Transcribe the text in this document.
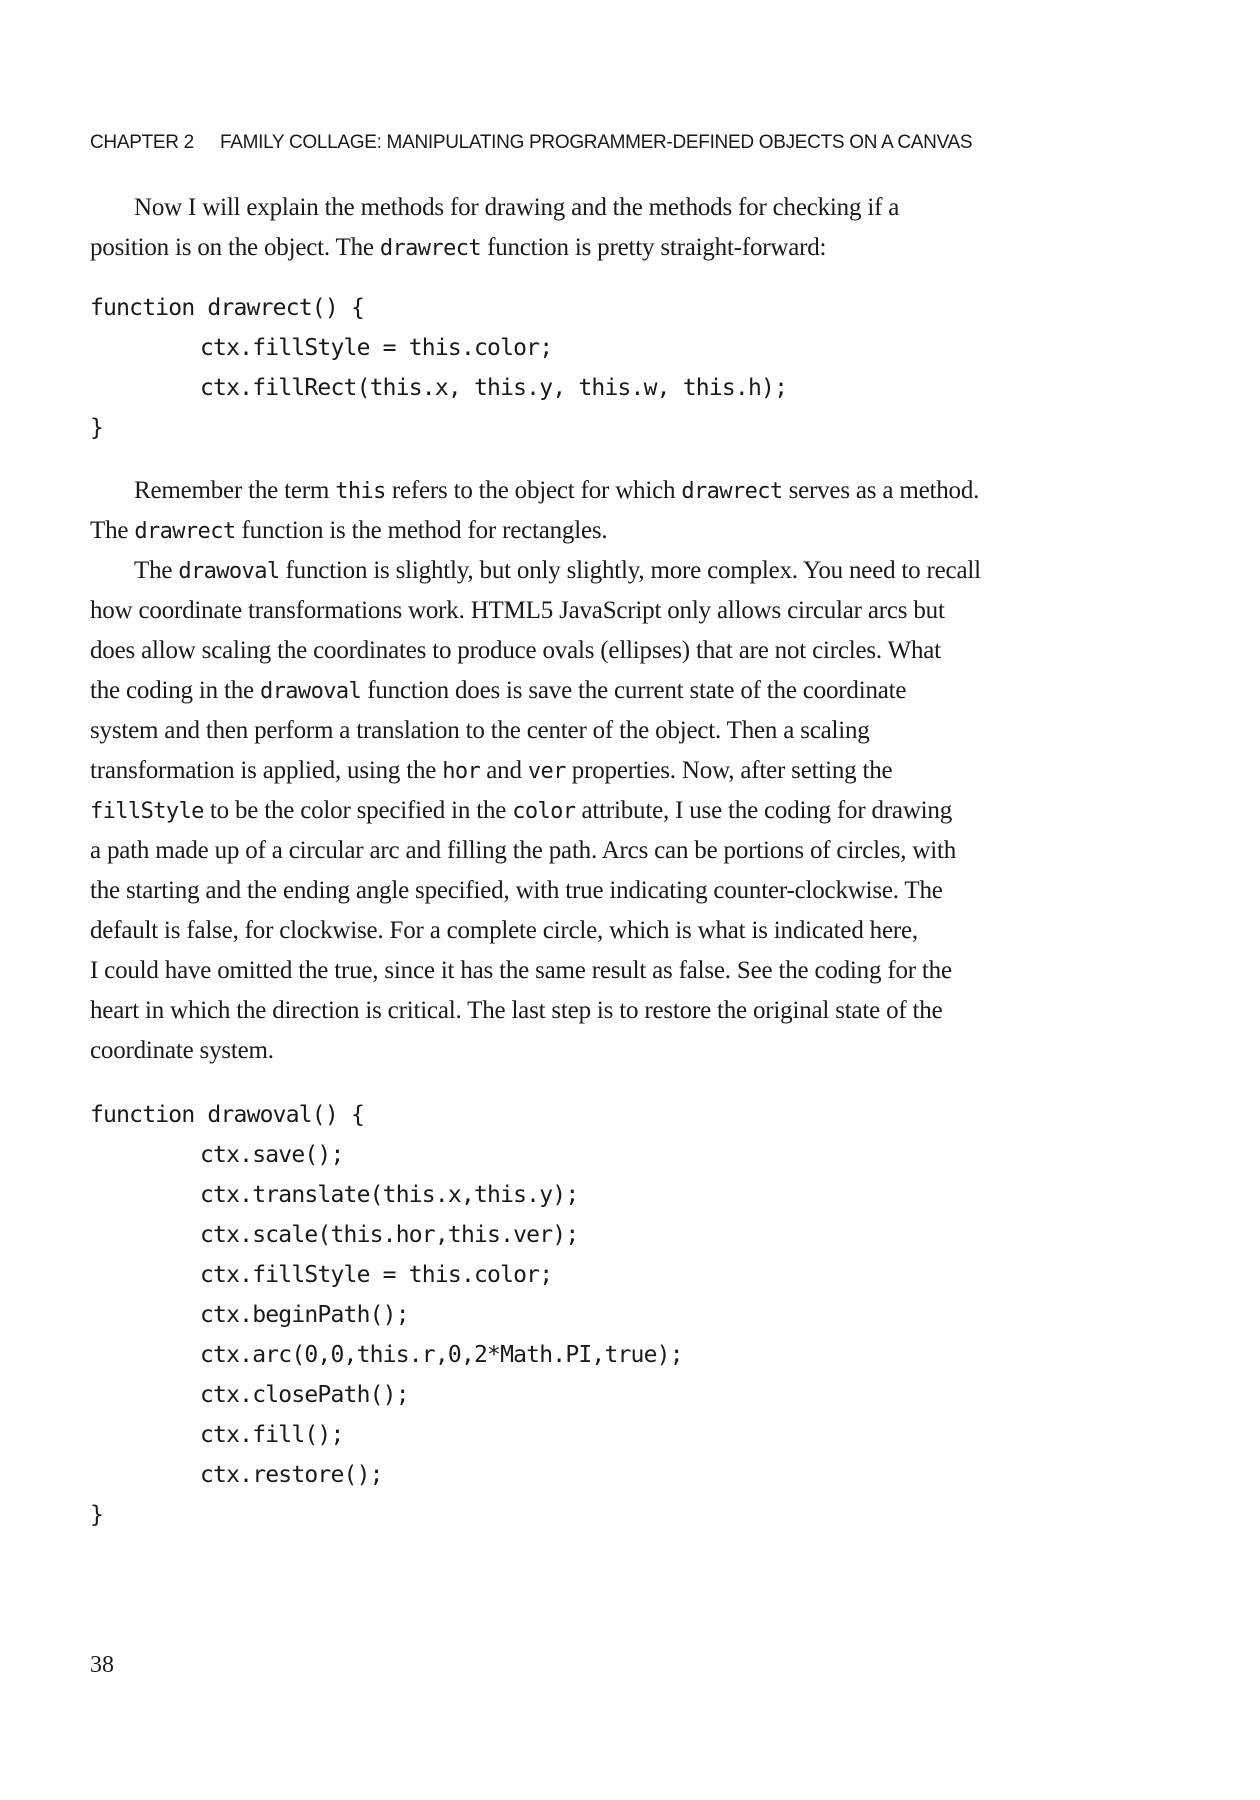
CHAPTER 2 FAMILY COLLAGE: MANIPULATING PROGRAMMER-DEFINED OBJECTS ON A CANVAS
Now I will explain the methods for drawing and the methods for checking if a
position is on the object. The drawrect function is pretty straight-forward:
function drawrect() {
ctx.fillStyle = this.color;
ctx.fillRect(this.x, this.y, this.w, this.h);
}
Remember the term this refers to the object for which drawrect serves as a method.
The drawrect function is the method for rectangles.
The drawoval function is slightly, but only slightly, more complex. You need to recall
how coordinate transformations work. HTML5 JavaScript only allows circular arcs but
does allow scaling the coordinates to produce ovals (ellipses) that are not circles. What
the coding in the drawoval function does is save the current state of the coordinate
system and then perform a translation to the center of the object. Then a scaling
transformation is applied, using the hor and ver properties. Now, after setting the
fillStyle to be the color specified in the color attribute, I use the coding for drawing
a path made up of a circular arc and filling the path. Arcs can be portions of circles, with
the starting and the ending angle specified, with true indicating counter-clockwise. The
default is false, for clockwise. For a complete circle, which is what is indicated here,
I could have omitted the true, since it has the same result as false. See the coding for the
heart in which the direction is critical. The last step is to restore the original state of the
coordinate system.
function drawoval() {
ctx.save();
ctx.translate(this.x,this.y);
ctx.scale(this.hor,this.ver);
ctx.fillStyle = this.color;
ctx.beginPath();
ctx.arc(0,0,this.r,0,2*Math.PI,true);
ctx.closePath();
ctx.fill();
ctx.restore();
}
38
